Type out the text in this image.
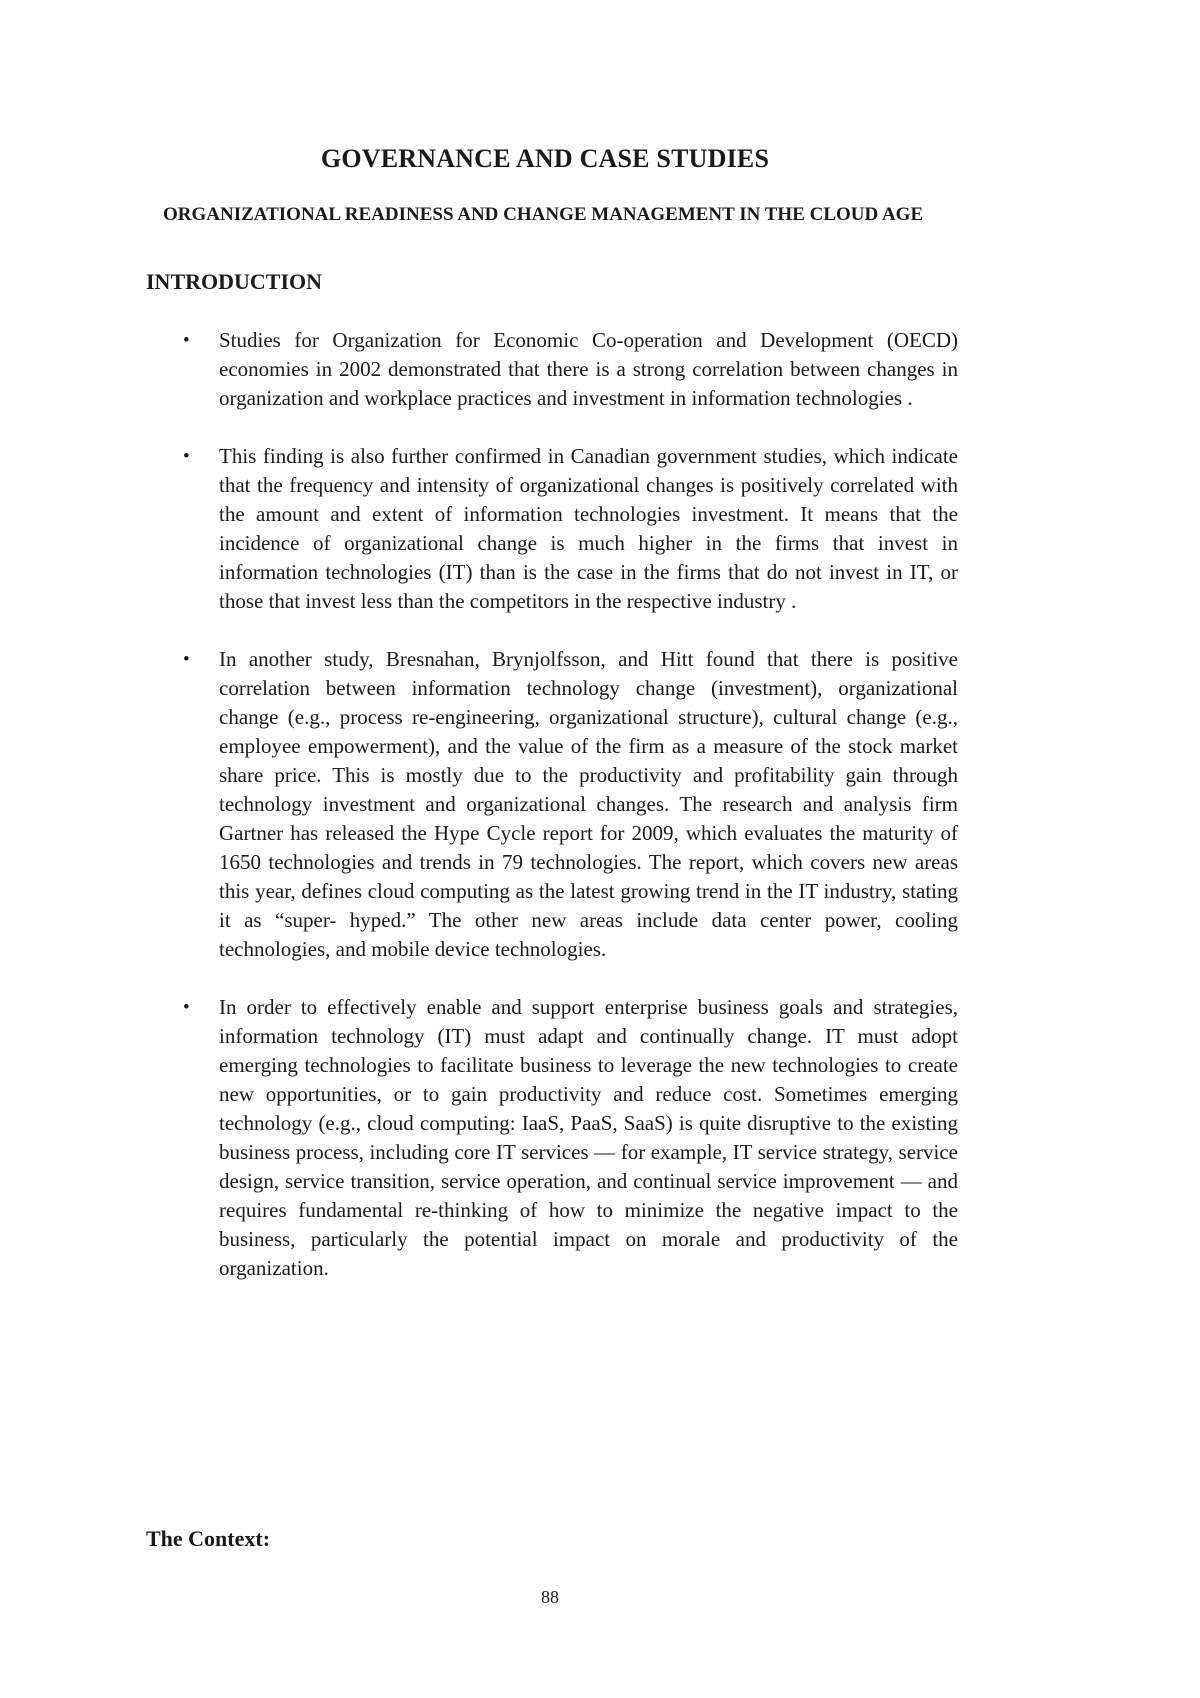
GOVERNANCE AND CASE STUDIES
ORGANIZATIONAL READINESS AND CHANGE MANAGEMENT IN THE CLOUD AGE
INTRODUCTION
• Studies for Organization for Economic Co-operation and Development (OECD) economies in 2002 demonstrated that there is a strong correlation between changes in organization and workplace practices and investment in information technologies .
• This finding is also further confirmed in Canadian government studies, which indicate that the frequency and intensity of organizational changes is positively correlated with the amount and extent of information technologies investment. It means that the incidence of organizational change is much higher in the firms that invest in information technologies (IT) than is the case in the firms that do not invest in IT, or those that invest less than the competitors in the respective industry .
• In another study, Bresnahan, Brynjolfsson, and Hitt found that there is positive correlation between information technology change (investment), organizational change (e.g., process re-engineering, organizational structure), cultural change (e.g., employee empowerment), and the value of the firm as a measure of the stock market share price. This is mostly due to the productivity and profitability gain through technology investment and organizational changes. The research and analysis firm Gartner has released the Hype Cycle report for 2009, which evaluates the maturity of 1650 technologies and trends in 79 technologies. The report, which covers new areas this year, defines cloud computing as the latest growing trend in the IT industry, stating it as “super- hyped.” The other new areas include data center power, cooling technologies, and mobile device technologies.
• In order to effectively enable and support enterprise business goals and strategies, information technology (IT) must adapt and continually change. IT must adopt emerging technologies to facilitate business to leverage the new technologies to create new opportunities, or to gain productivity and reduce cost. Sometimes emerging technology (e.g., cloud computing: IaaS, PaaS, SaaS) is quite disruptive to the existing business process, including core IT services — for example, IT service strategy, service design, service transition, service operation, and continual service improvement — and requires fundamental re-thinking of how to minimize the negative impact to the business, particularly the potential impact on morale and productivity of the organization.
The Context:
88
